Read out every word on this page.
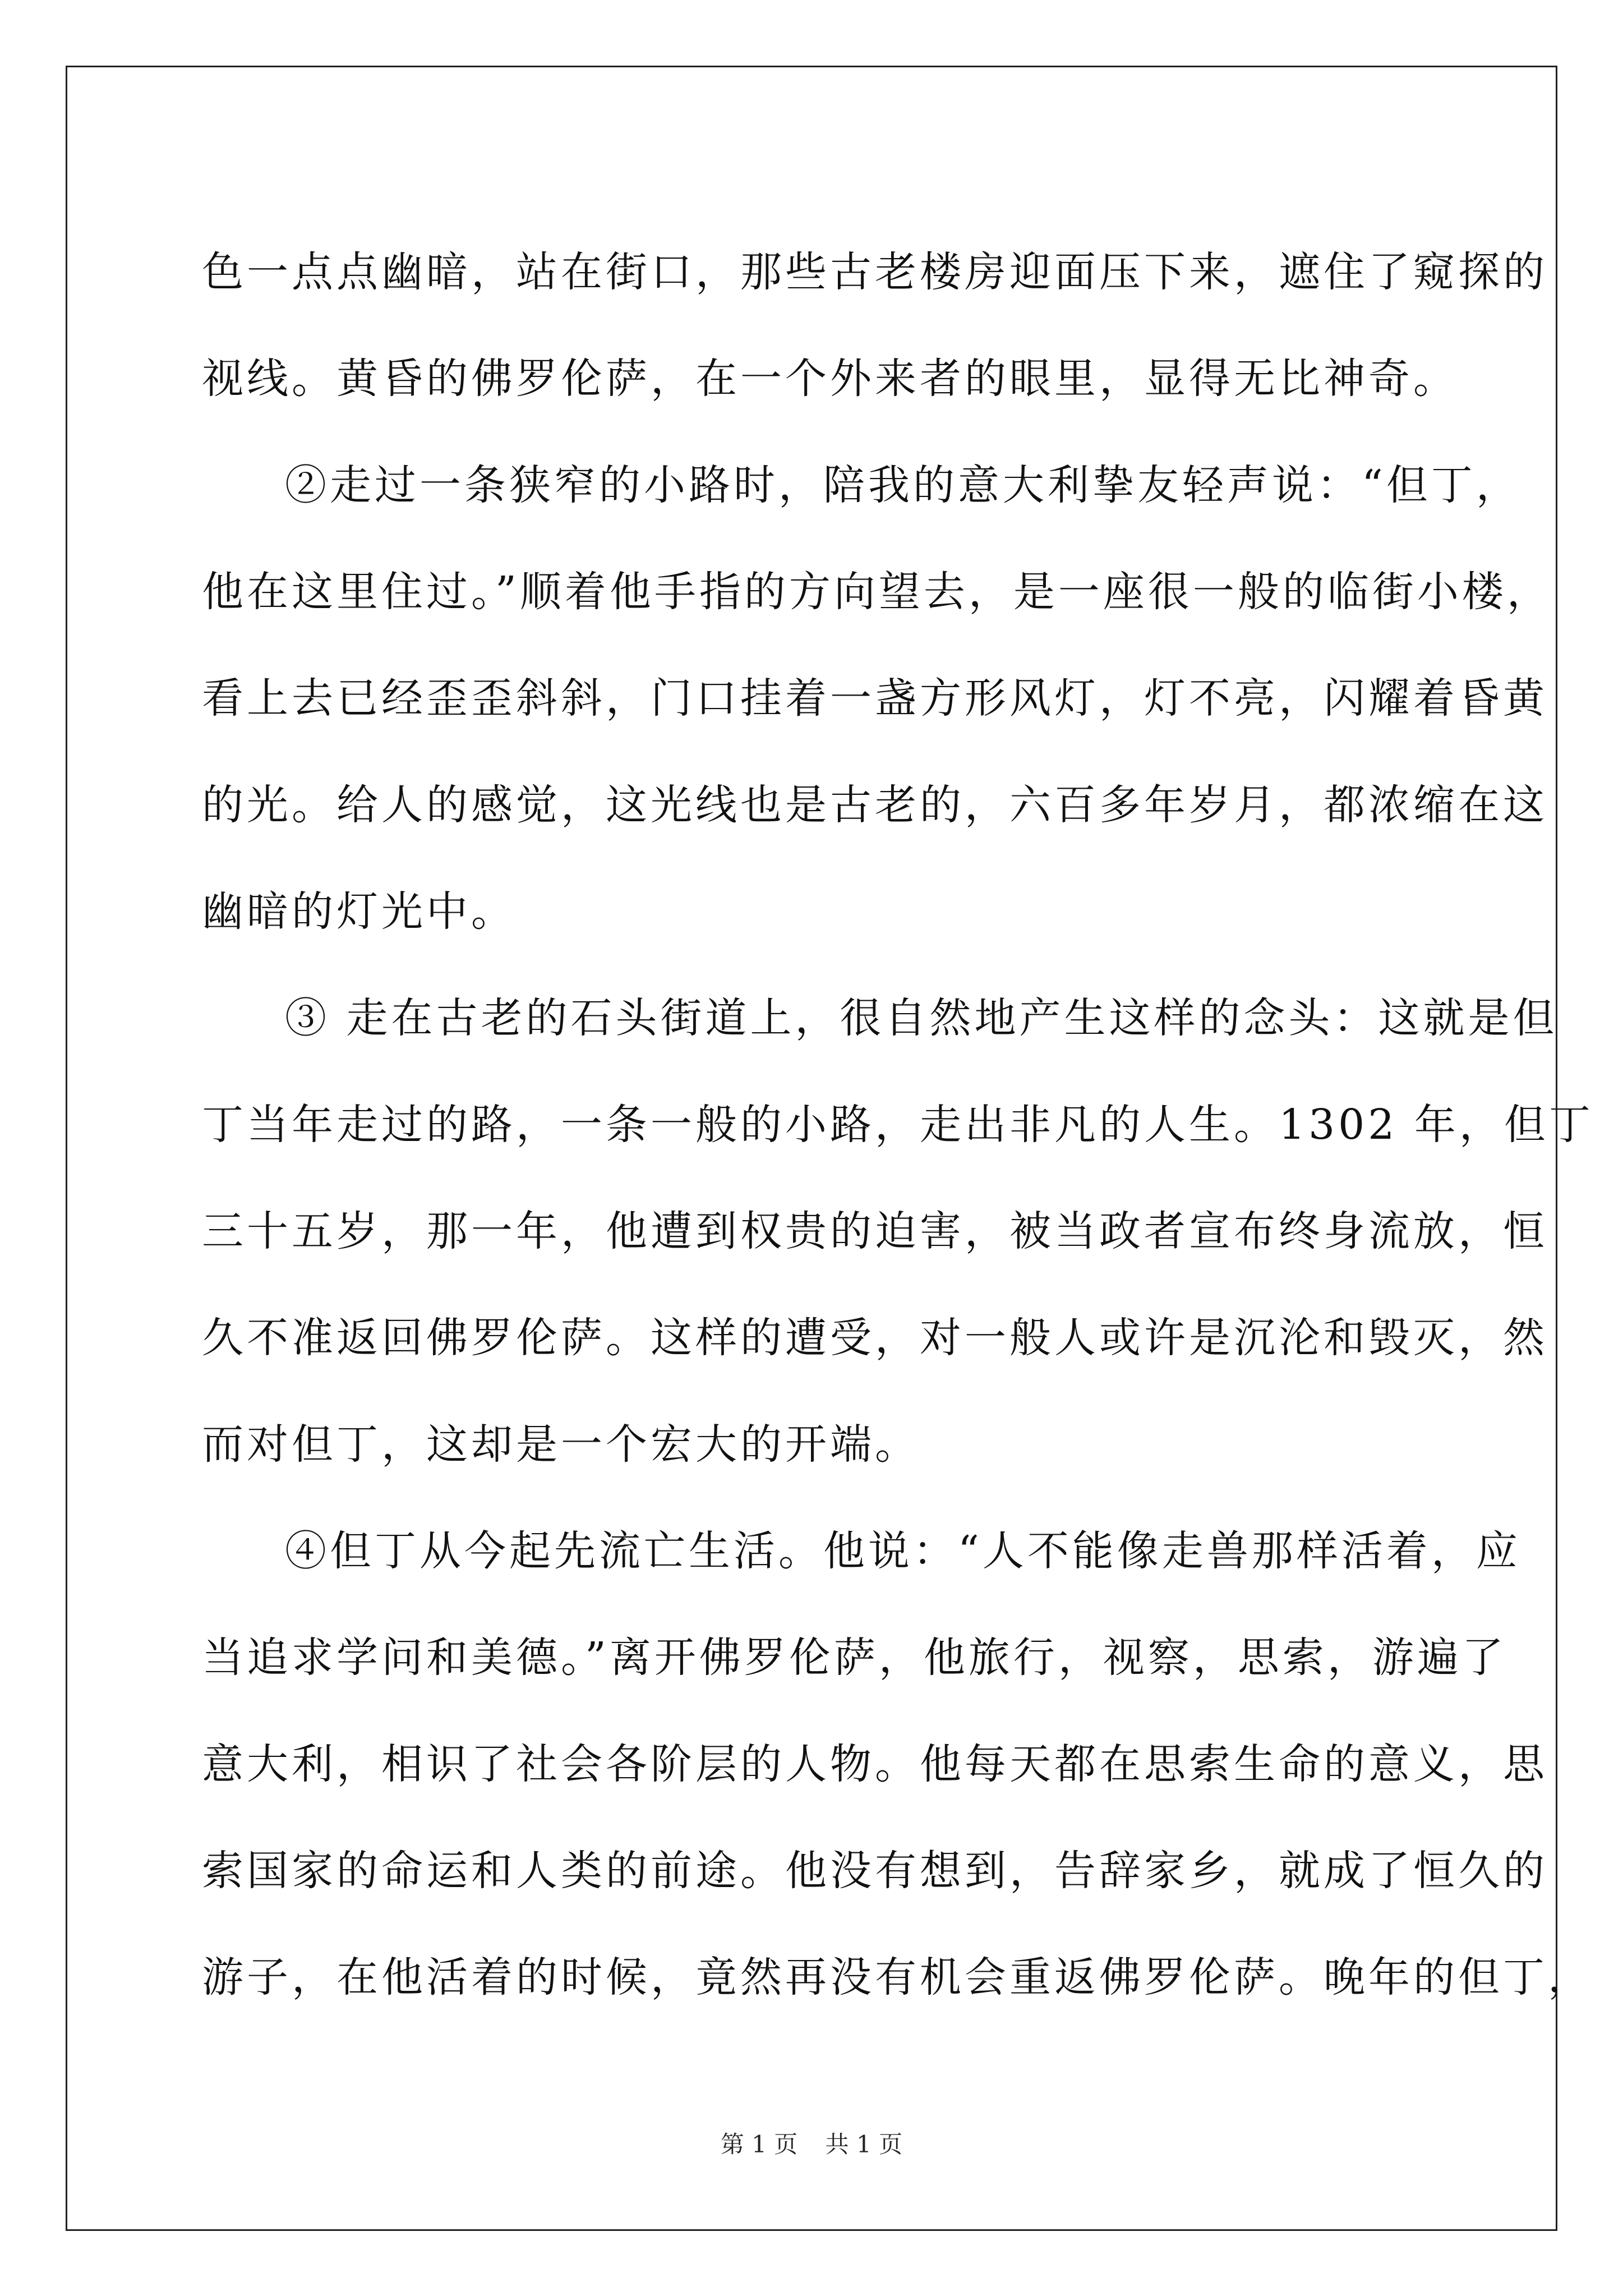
色一点点幽暗，站在街口，那些古老楼房迎面压下来，遮住了窥探的
视线。黄昏的佛罗伦萨，在一个外来者的眼里，显得无比神奇。
②走过一条狭窄的小路时，陪我的意大利挚友轻声说：“但丁，
他在这里住过。”顺着他手指的方向望去，是一座很一般的临街小楼，
看上去已经歪歪斜斜，门口挂着一盏方形风灯，灯不亮，闪耀着昏黄
的光。给人的感觉，这光线也是古老的，六百多年岁月，都浓缩在这
幽暗的灯光中。
③ 走在古老的石头街道上，很自然地产生这样的念头：这就是但
丁当年走过的路，一条一般的小路，走出非凡的人生。1302 年，但丁
三十五岁，那一年，他遭到权贵的迫害，被当政者宣布终身流放，恒
久不准返回佛罗伦萨。这样的遭受，对一般人或许是沉沦和毁灭，然
而对但丁，这却是一个宏大的开端。
④但丁从今起先流亡生活。他说：“人不能像走兽那样活着，应
当追求学问和美德。”离开佛罗伦萨，他旅行，视察，思索，游遍了
意大利，相识了社会各阶层的人物。他每天都在思索生命的意义，思
索国家的命运和人类的前途。他没有想到，告辞家乡，就成了恒久的
游子，在他活着的时候，竟然再没有机会重返佛罗伦萨。晚年的但丁，
第 1 页 共 1 页
